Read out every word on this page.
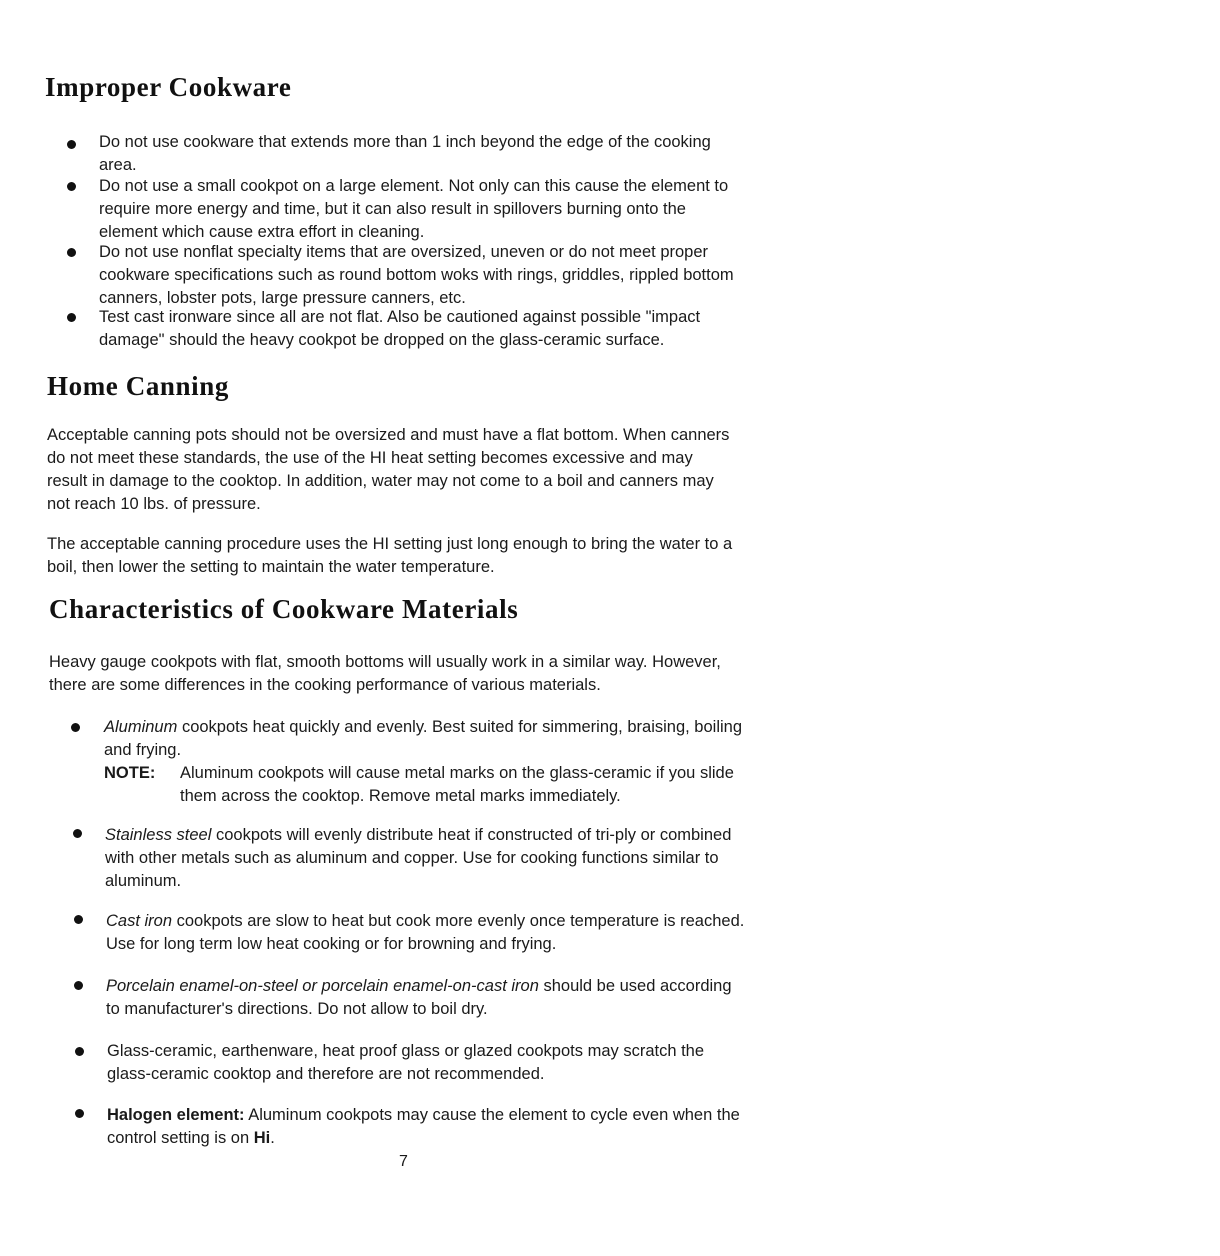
Improper Cookware
Do not use cookware that extends more than 1 inch beyond the edge of the cooking area.
Do not use a small cookpot on a large element. Not only can this cause the element to require more energy and time, but it can also result in spillovers burning onto the element which cause extra effort in cleaning.
Do not use nonflat specialty items that are oversized, uneven or do not meet proper cookware specifications such as round bottom woks with rings, griddles, rippled bottom canners, lobster pots, large pressure canners, etc.
Test cast ironware since all are not flat. Also be cautioned against possible "impact damage" should the heavy cookpot be dropped on the glass-ceramic surface.
Home Canning
Acceptable canning pots should not be oversized and must have a flat bottom. When canners do not meet these standards, the use of the HI heat setting becomes excessive and may result in damage to the cooktop. In addition, water may not come to a boil and canners may not reach 10 lbs. of pressure.
The acceptable canning procedure uses the HI setting just long enough to bring the water to a boil, then lower the setting to maintain the water temperature.
Characteristics of Cookware Materials
Heavy gauge cookpots with flat, smooth bottoms will usually work in a similar way. However, there are some differences in the cooking performance of various materials.
Aluminum cookpots heat quickly and evenly. Best suited for simmering, braising, boiling and frying.
NOTE: Aluminum cookpots will cause metal marks on the glass-ceramic if you slide them across the cooktop. Remove metal marks immediately.
Stainless steel cookpots will evenly distribute heat if constructed of tri-ply or combined with other metals such as aluminum and copper. Use for cooking functions similar to aluminum.
Cast iron cookpots are slow to heat but cook more evenly once temperature is reached. Use for long term low heat cooking or for browning and frying.
Porcelain enamel-on-steel or porcelain enamel-on-cast iron should be used according to manufacturer's directions. Do not allow to boil dry.
Glass-ceramic, earthenware, heat proof glass or glazed cookpots may scratch the glass-ceramic cooktop and therefore are not recommended.
Halogen element: Aluminum cookpots may cause the element to cycle even when the control setting is on Hi.
7
